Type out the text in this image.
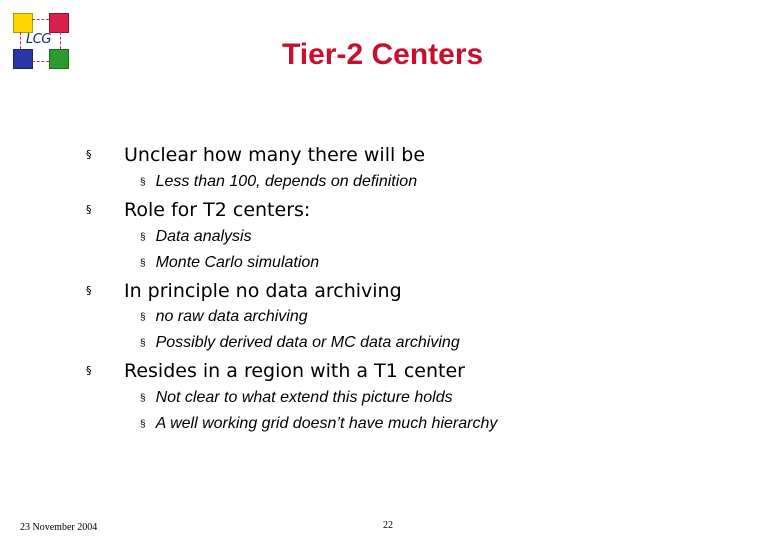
LCG	Tier-2 Centers
§ Unclear how many there will be
§ Less than 100, depends on definition
§ Role for T2 centers:
§ Data analysis
§ Monte Carlo simulation
§ In principle no data archiving
§ no raw data archiving
§ Possibly derived data or MC data archiving
§ Resides in a region with a T1 center
§ Not clear to what extend this picture holds
§ A well working grid doesn’t have much hierarchy
23 November 2004	22
